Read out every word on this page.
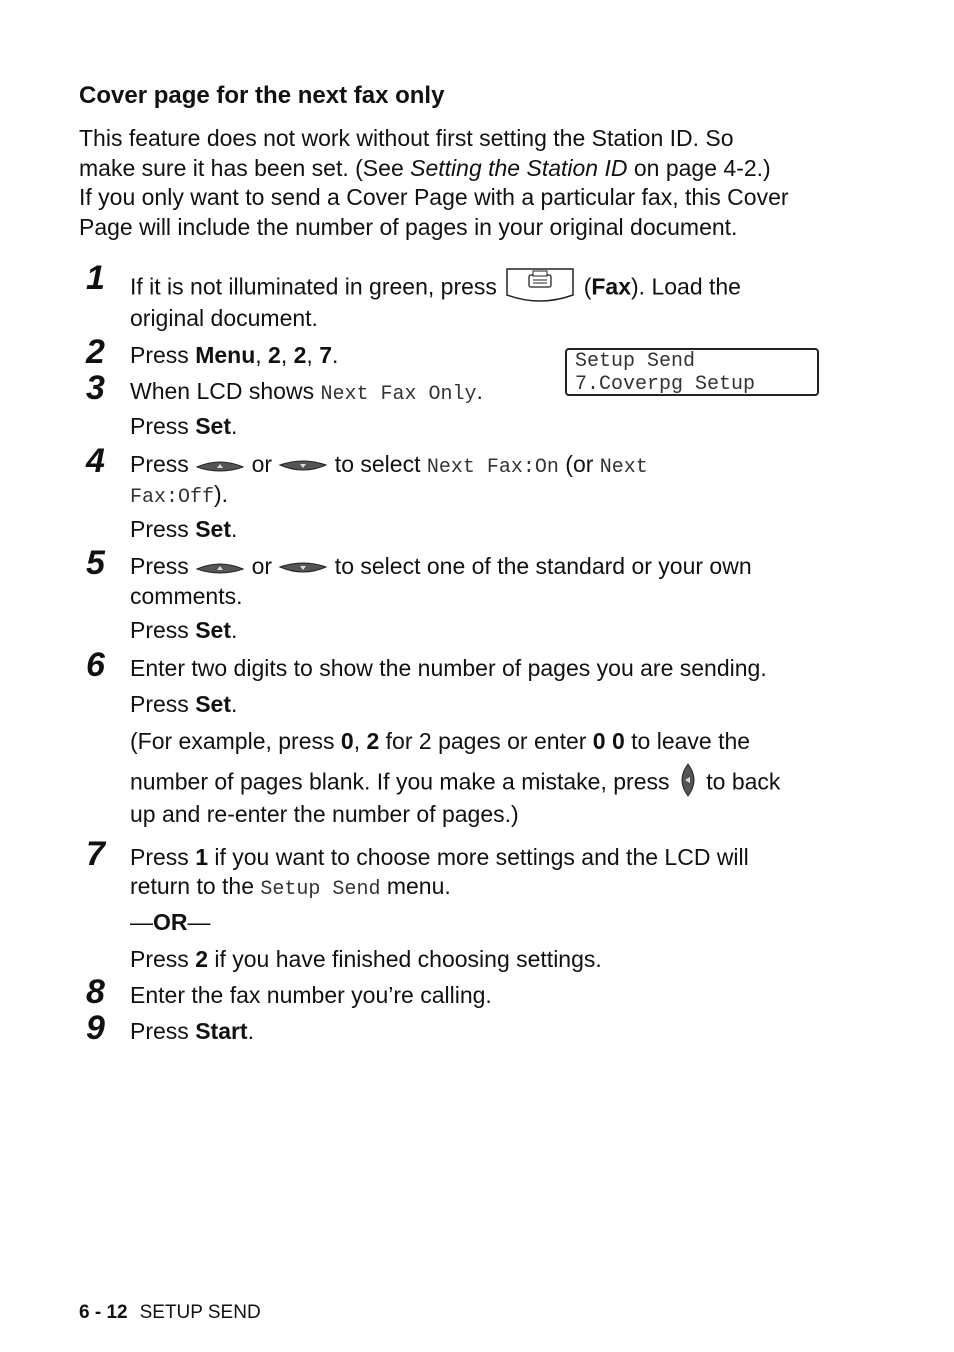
Cover page for the next fax only

This feature does not work without first setting the Station ID. So
make sure it has been set. (See Setting the Station ID on page 4-2.)
If you only want to send a Cover Page with a particular fax, this Cover
Page will include the number of pages in your original document.

1 If it is not illuminated in green, press	(Fax). Load the
original document.
Setup Send
7.Coverpg Setup
2 Press Menu, 2, 2, 7.
3 When LCD shows Next Fax Only.
Press Set.
4 Press  or  to select Next Fax:On (or Next
Fax:Off).
Press Set.
5 Press  or  to select one of the standard or your own
comments.
Press Set.
6 Enter two digits to show the number of pages you are sending.
Press Set.
(For example, press 0, 2 for 2 pages or enter 0 0 to leave the
number of pages blank. If you make a mistake, press  to back
up and re-enter the number of pages.)
7 Press 1 if you want to choose more settings and the LCD will
return to the Setup Send menu.
—OR—
Press 2 if you have finished choosing settings.
8 Enter the fax number you’re calling.
9 Press Start.
6 - 12 SETUP SEND
